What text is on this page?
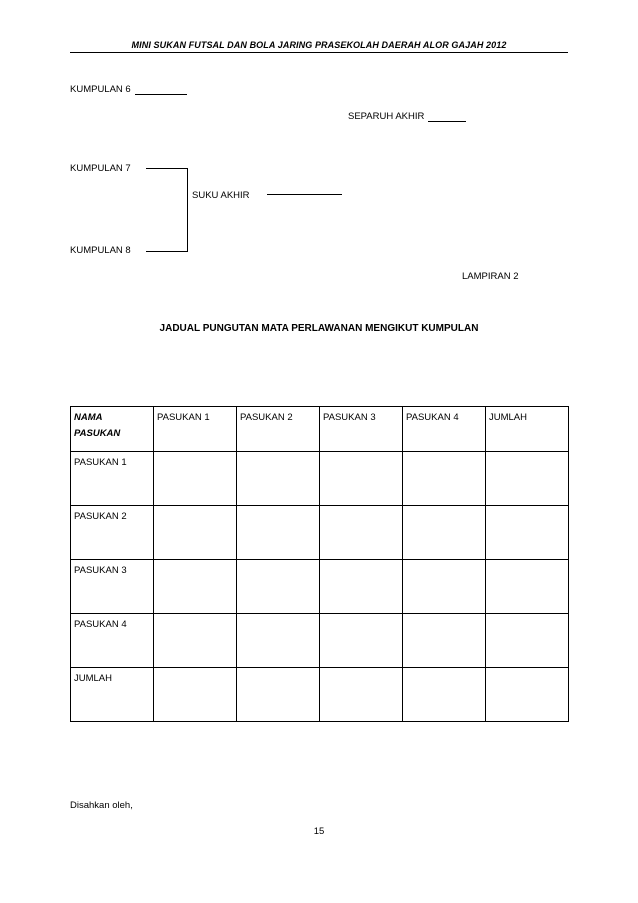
MINI SUKAN FUTSAL DAN BOLA JARING PRASEKOLAH DAERAH ALOR GAJAH 2012
KUMPULAN 6
SEPARUH AKHIR
KUMPULAN 7
SUKU AKHIR
KUMPULAN 8
LAMPIRAN 2
JADUAL PUNGUTAN MATA PERLAWANAN MENGIKUT KUMPULAN
NAMA
PASUKAN	PASUKAN 1	PASUKAN 2	PASUKAN 3	PASUKAN 4	JUMLAH
PASUKAN 1					
PASUKAN 2					
PASUKAN 3					
PASUKAN 4					
JUMLAH					
Disahkan oleh,
15
